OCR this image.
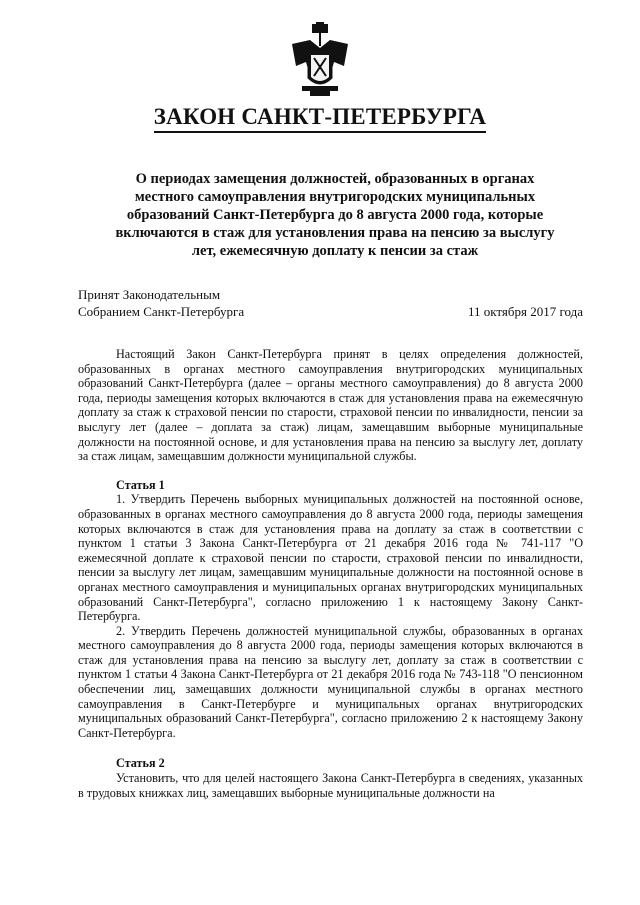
ЗАКОН САНКТ-ПЕТЕРБУРГА
О периодах замещения должностей, образованных в органах местного самоуправления внутригородских муниципальных образований Санкт-Петербурга до 8 августа 2000 года, которые включаются в стаж для установления права на пенсию за выслугу лет, ежемесячную доплату к пенсии за стаж
Принят Законодательным
Собранием Санкт-Петербурга	11 октября 2017 года

Настоящий Закон Санкт-Петербурга принят в целях определения должностей, образованных в органах местного самоуправления внутригородских муниципальных образований Санкт-Петербурга (далее – органы местного самоуправления) до 8 августа 2000 года, периоды замещения которых включаются в стаж для установления права на ежемесячную доплату за стаж к страховой пенсии по старости, страховой пенсии по инвалидности, пенсии за выслугу лет (далее – доплата за стаж) лицам, замещавшим выборные муниципальные должности на постоянной основе, и для установления права на пенсию за выслугу лет, доплату за стаж лицам, замещавшим должности муниципальной службы.

Статья 1

1. Утвердить Перечень выборных муниципальных должностей на постоянной основе, образованных в органах местного самоуправления до 8 августа 2000 года, периоды замещения которых включаются в стаж для установления права на доплату за стаж в соответствии с пунктом 1 статьи 3 Закона Санкт-Петербурга от 21 декабря 2016 года № 741-117 "О ежемесячной доплате к страховой пенсии по старости, страховой пенсии по инвалидности, пенсии за выслугу лет лицам, замещавшим муниципальные должности на постоянной основе в органах местного самоуправления и муниципальных органах внутригородских муниципальных образований Санкт-Петербурга", согласно приложению 1 к настоящему Закону Санкт-Петербурга.

2. Утвердить Перечень должностей муниципальной службы, образованных в органах местного самоуправления до 8 августа 2000 года, периоды замещения которых включаются в стаж для установления права на пенсию за выслугу лет, доплату за стаж в соответствии с пунктом 1 статьи 4 Закона Санкт-Петербурга от 21 декабря 2016 года № 743-118 "О пенсионном обеспечении лиц, замещавших должности муниципальной службы в органах местного самоуправления в Санкт-Петербурге и муниципальных органах внутригородских муниципальных образований Санкт-Петербурга", согласно приложению 2 к настоящему Закону Санкт-Петербурга.

Статья 2

Установить, что для целей настоящего Закона Санкт-Петербурга в сведениях, указанных в трудовых книжках лиц, замещавших выборные муниципальные должности на
